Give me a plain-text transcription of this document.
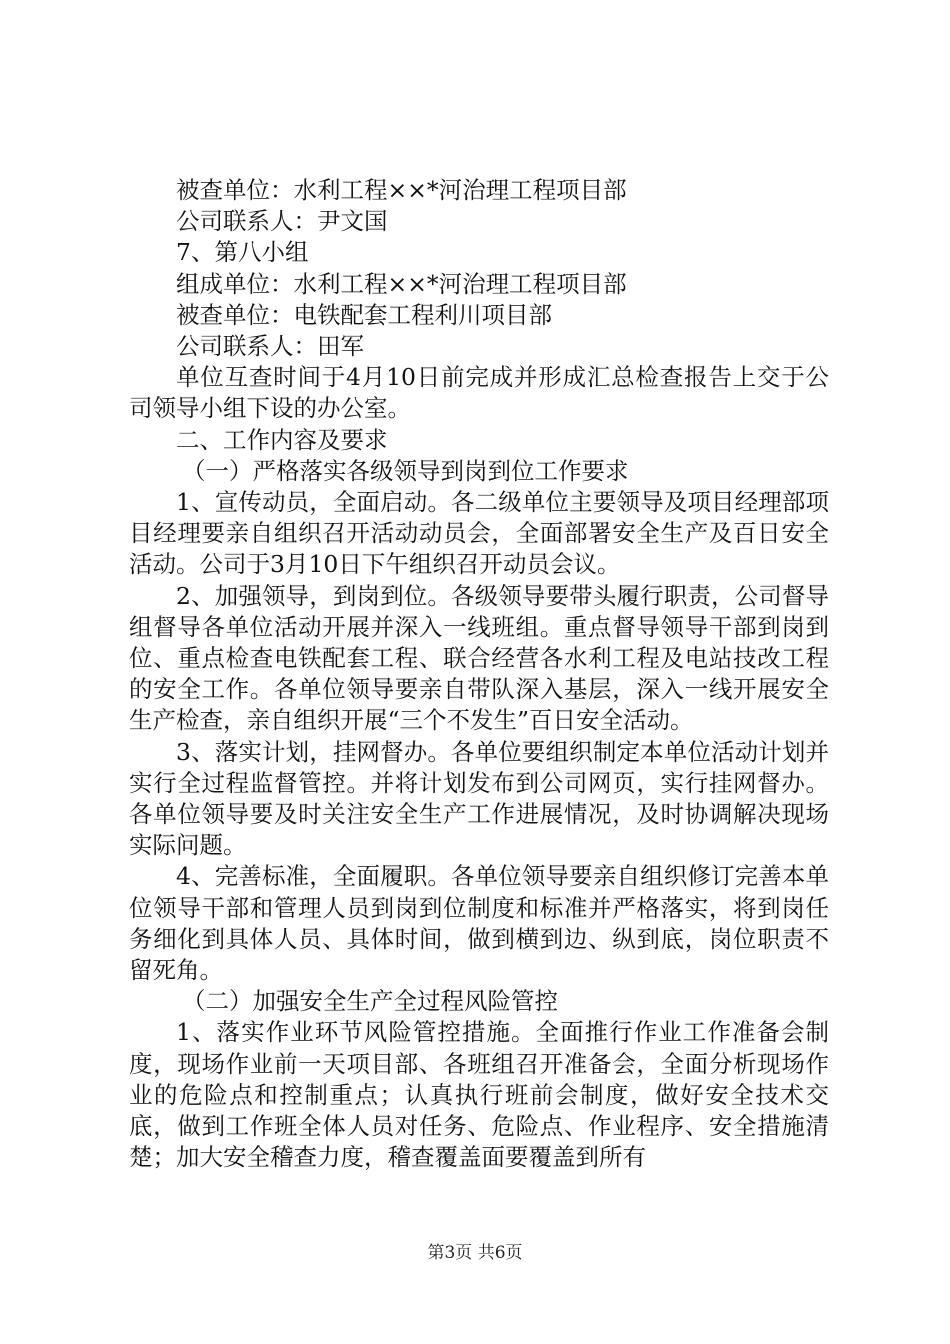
被查单位：水利工程××*河治理工程项目部
公司联系人：尹文国
7、第八小组
组成单位：水利工程××*河治理工程项目部
被查单位：电铁配套工程利川项目部
公司联系人：田军

单位互查时间于4月10日前完成并形成汇总检查报告上交于公司领导小组下设的办公室。

二、工作内容及要求
（一）严格落实各级领导到岗到位工作要求

1、宣传动员，全面启动。各二级单位主要领导及项目经理部项目经理要亲自组织召开活动动员会，全面部署安全生产及百日安全活动。公司于3月10日下午组织召开动员会议。

2、加强领导，到岗到位。各级领导要带头履行职责，公司督导组督导各单位活动开展并深入一线班组。重点督导领导干部到岗到位、重点检查电铁配套工程、联合经营各水利工程及电站技改工程的安全工作。各单位领导要亲自带队深入基层，深入一线开展安全生产检查，亲自组织开展“三个不发生”百日安全活动。

3、落实计划，挂网督办。各单位要组织制定本单位活动计划并实行全过程监督管控。并将计划发布到公司网页，实行挂网督办。各单位领导要及时关注安全生产工作进展情况，及时协调解决现场实际问题。

4、完善标准，全面履职。各单位领导要亲自组织修订完善本单位领导干部和管理人员到岗到位制度和标准并严格落实，将到岗任务细化到具体人员、具体时间，做到横到边、纵到底，岗位职责不留死角。

（二）加强安全生产全过程风险管控

1、落实作业环节风险管控措施。全面推行作业工作准备会制度，现场作业前一天项目部、各班组召开准备会，全面分析现场作业的危险点和控制重点；认真执行班前会制度，做好安全技术交底，做到工作班全体人员对任务、危险点、作业程序、安全措施清楚；加大安全稽查力度，稽查覆盖面要覆盖到所有

第3页 共6页
